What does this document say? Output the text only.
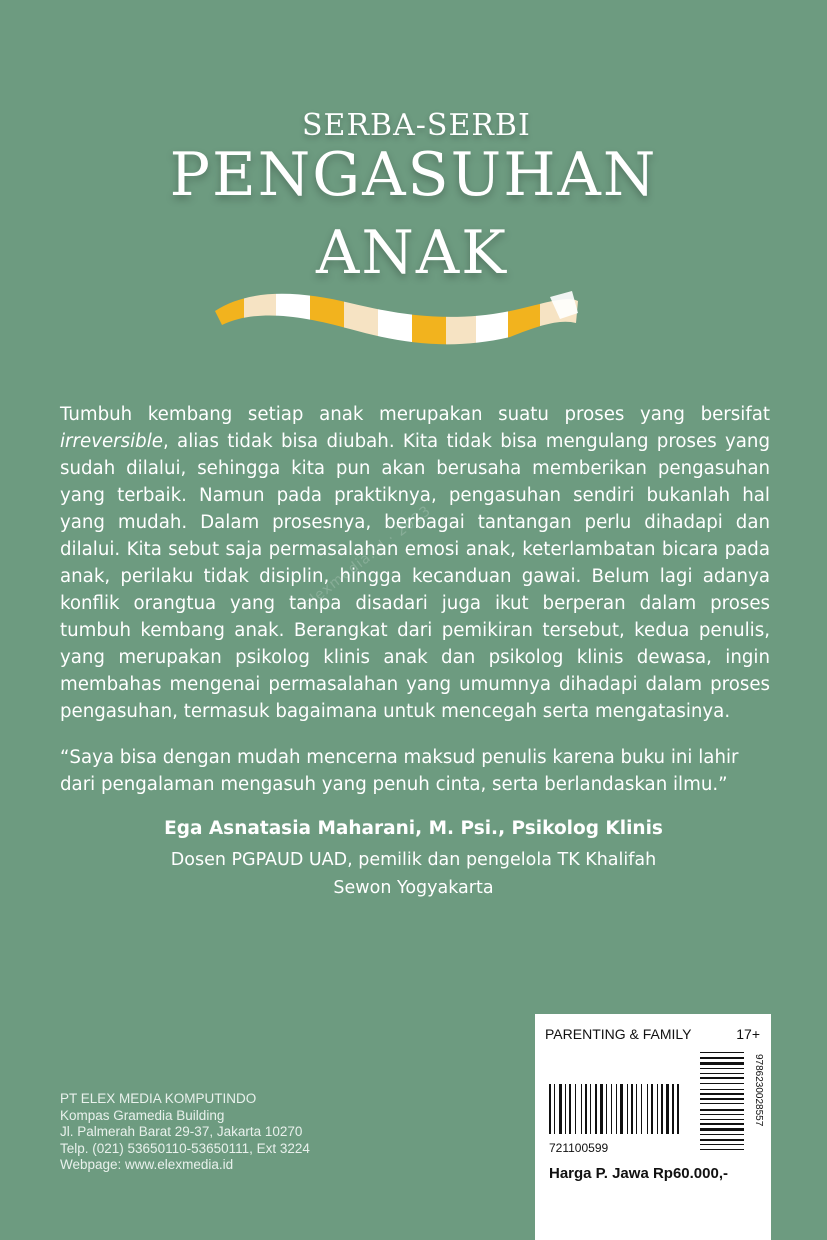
SERBA-SERBI
PENGASUHAN
ANAK

Tumbuh kembang setiap anak merupakan suatu proses yang bersifat irreversible, alias tidak bisa diubah. Kita tidak bisa mengulang proses yang sudah dilalui, sehingga kita pun akan berusaha memberikan pengasuhan yang terbaik. Namun pada praktiknya, pengasuhan sendiri bukanlah hal yang mudah. Dalam prosesnya, berbagai tantangan perlu dihadapi dan dilalui. Kita sebut saja permasalahan emosi anak, keterlambatan bicara pada anak, perilaku tidak disiplin, hingga kecanduan gawai. Belum lagi adanya konflik orangtua yang tanpa disadari juga ikut berperan dalam proses tumbuh kembang anak. Berangkat dari pemikiran tersebut, kedua penulis, yang merupakan psikolog klinis anak dan psikolog klinis dewasa, ingin membahas mengenai permasalahan yang umumnya dihadapi dalam proses pengasuhan, termasuk bagaimana untuk mencegah serta mengatasinya.

“Saya bisa dengan mudah mencerna maksud penulis karena buku ini lahir dari pengalaman mengasuh yang penuh cinta, serta berlandaskan ilmu.”

Ega Asnatasia Maharani, M. Psi., Psikolog Klinis
Dosen PGPAUD UAD, pemilik dan pengelola TK Khalifah
Sewon Yogyakarta
elexmedia.id · 2023
PT ELEX MEDIA KOMPUTINDO
Kompas Gramedia Building
Jl. Palmerah Barat 29-37, Jakarta 10270
Telp. (021) 53650110-53650111, Ext 3224
Webpage: www.elexmedia.id
PARENTING & FAMILY	17+
721100599
9786230028557
Harga P. Jawa Rp60.000,-
